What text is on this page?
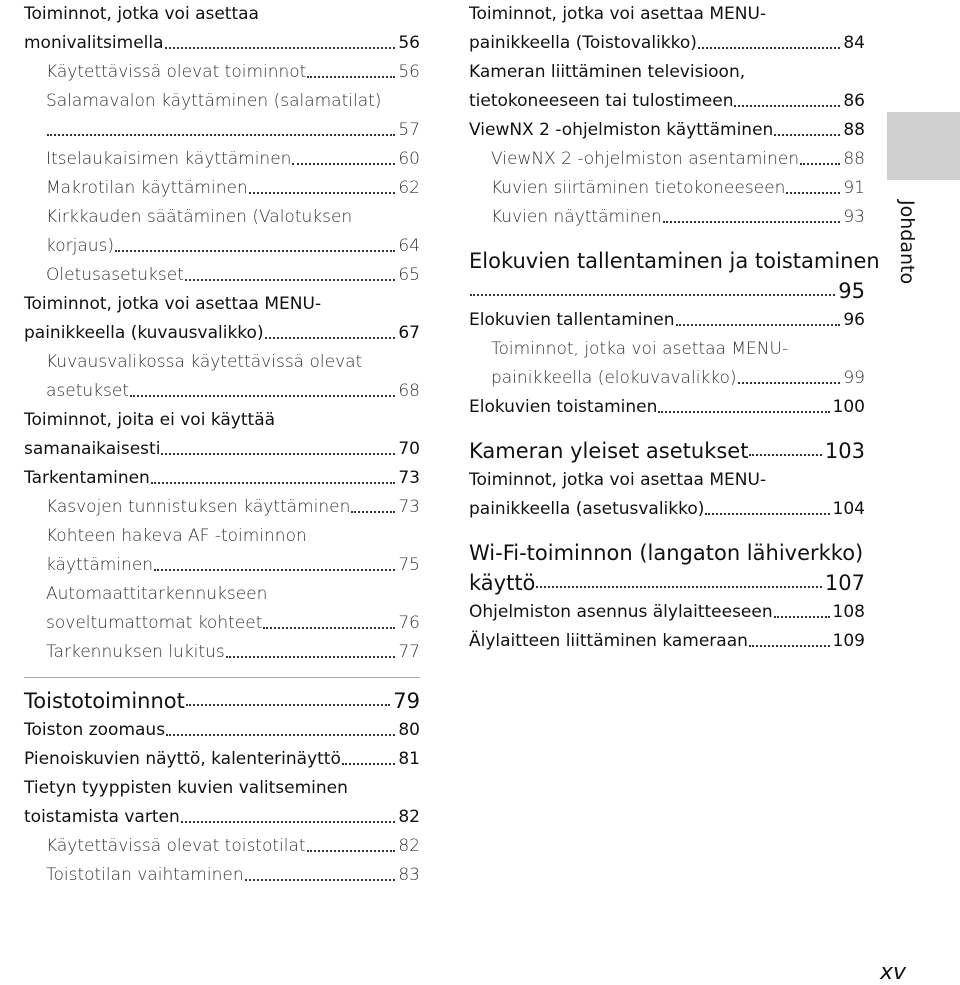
Toiminnot, jotka voi asettaa
monivalitsimella	56
Käytettävissä olevat toiminnot	56
Salamavalon käyttäminen (salamatilat)
57
Itselaukaisimen käyttäminen	60
Makrotilan käyttäminen	62
Kirkkauden säätäminen (Valotuksen
korjaus)	64
Oletusasetukset	65
Toiminnot, jotka voi asettaa MENU-
painikkeella (kuvausvalikko)	67
Kuvausvalikossa käytettävissä olevat
asetukset	68
Toiminnot, joita ei voi käyttää
samanaikaisesti	70
Tarkentaminen	73
Kasvojen tunnistuksen käyttäminen	73
Kohteen hakeva AF -toiminnon
käyttäminen	75
Automaattitarkennukseen
soveltumattomat kohteet	76
Tarkennuksen lukitus	77
Toistotoiminnot	79
Toiston zoomaus	80
Pienoiskuvien näyttö, kalenterinäyttö	81
Tietyn tyyppisten kuvien valitseminen
toistamista varten	82
Käytettävissä olevat toistotilat	82
Toistotilan vaihtaminen	83
Toiminnot, jotka voi asettaa MENU-
painikkeella (Toistovalikko)	84
Kameran liittäminen televisioon,
tietokoneeseen tai tulostimeen	86
ViewNX 2 -ohjelmiston käyttäminen	88
ViewNX 2 -ohjelmiston asentaminen	88
Kuvien siirtäminen tietokoneeseen	91
Kuvien näyttäminen	93
Elokuvien tallentaminen ja toistaminen
95
Elokuvien tallentaminen	96
Toiminnot, jotka voi asettaa MENU-
painikkeella (elokuvavalikko)	99
Elokuvien toistaminen	100
Kameran yleiset asetukset	103
Toiminnot, jotka voi asettaa MENU-
painikkeella (asetusvalikko)	104
Wi-Fi-toiminnon (langaton lähiverkko)
käyttö	107
Ohjelmiston asennus älylaitteeseen	108
Älylaitteen liittäminen kameraan	109
Johdanto
xv
